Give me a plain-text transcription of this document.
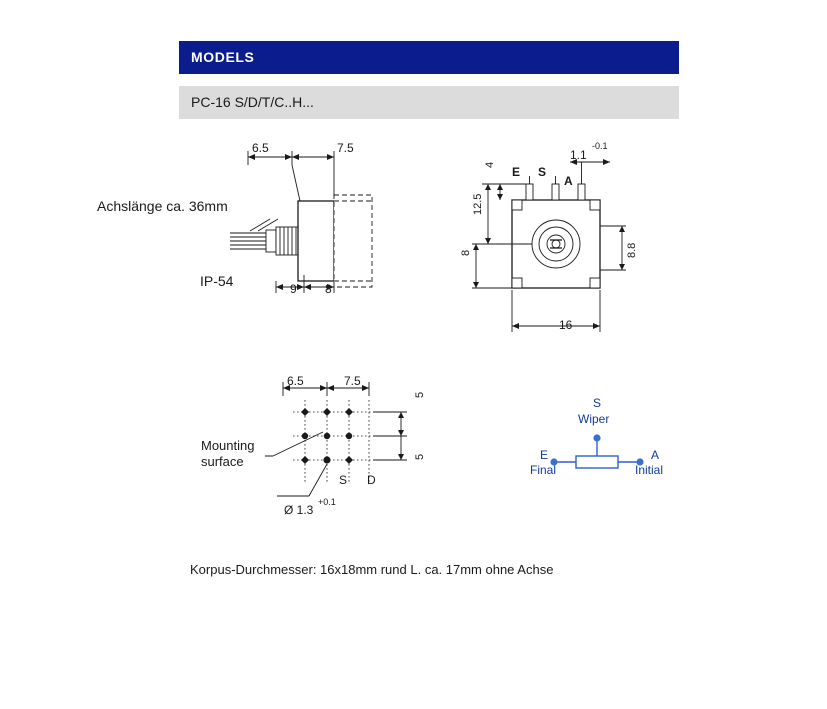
MODELS
PC-16 S/D/T/C..H...
6.5	7.5
Achslänge ca. 36mm
IP-54	9 8
E S
A
4
12.5
8	8.8
1.1
-0.1
16
6.5	7.5
5
5
Mounting
surface
S D
Ø 1.3
+0.1
S
Wiper
E
Final
A
Initial
Korpus-Durchmesser: 16x18mm rund L. ca. 17mm ohne Achse
